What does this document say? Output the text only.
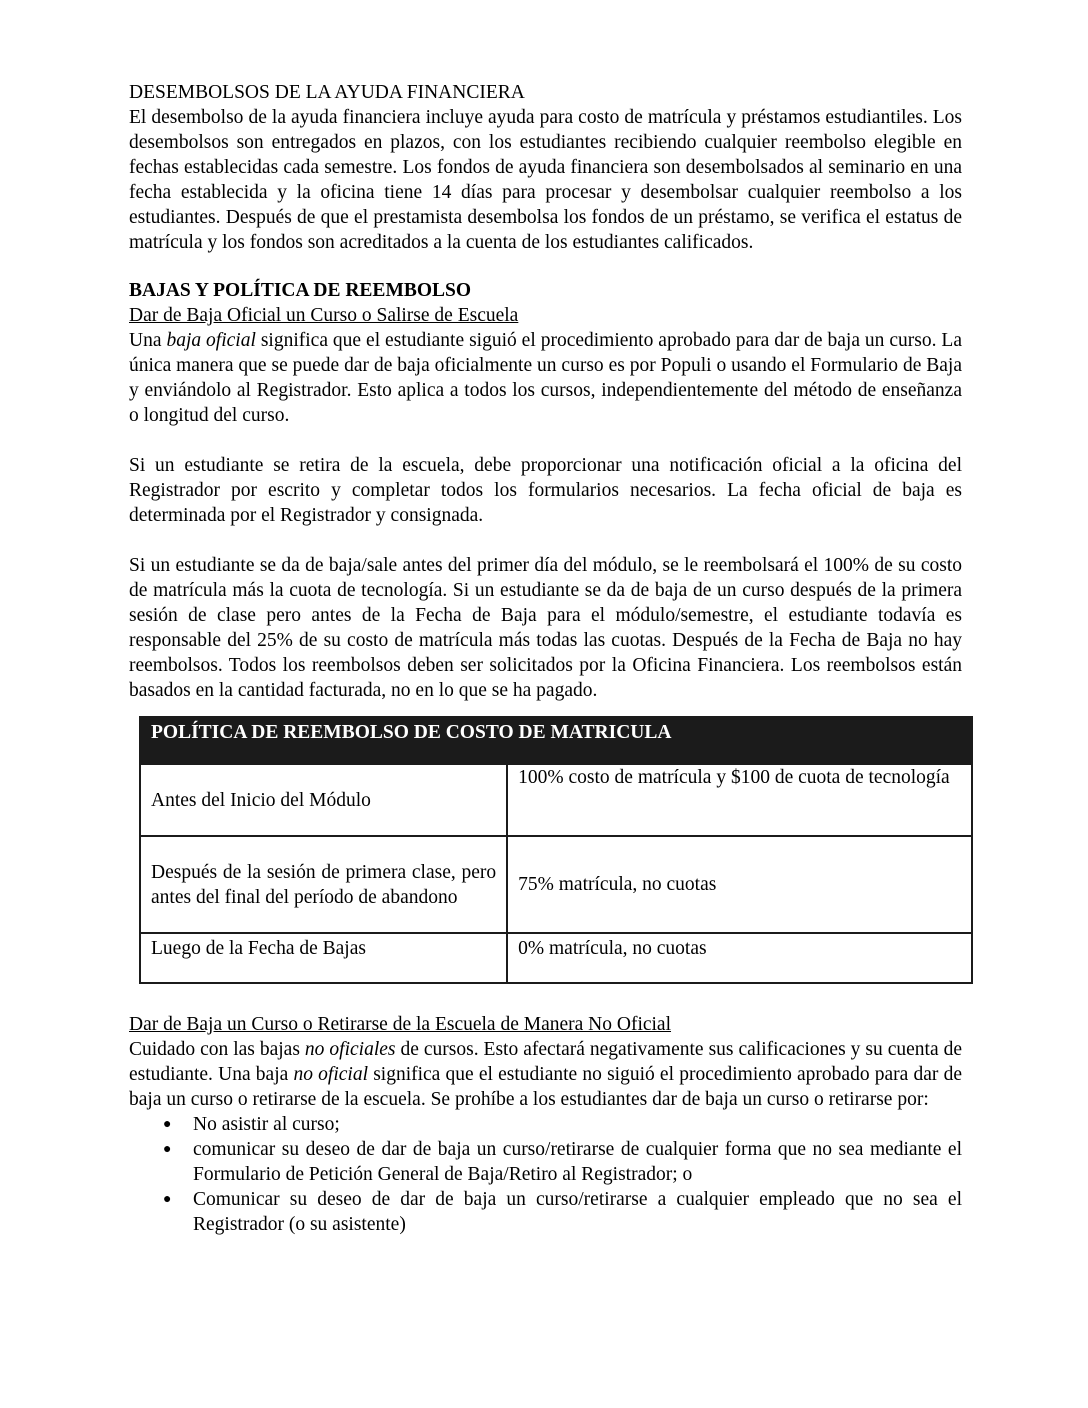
DESEMBOLSOS DE LA AYUDA FINANCIERA

El desembolso de la ayuda financiera incluye ayuda para costo de matrícula y préstamos estudiantiles. Los desembolsos son entregados en plazos, con los estudiantes recibiendo cualquier reembolso elegible en fechas establecidas cada semestre. Los fondos de ayuda financiera son desembolsados al seminario en una fecha establecida y la oficina tiene 14 días para procesar y desembolsar cualquier reembolso a los estudiantes. Después de que el prestamista desembolsa los fondos de un préstamo, se verifica el estatus de matrícula y los fondos son acreditados a la cuenta de los estudiantes calificados.

BAJAS Y POLÍTICA DE REEMBOLSO
Dar de Baja Oficial un Curso o Salirse de Escuela

Una baja oficial significa que el estudiante siguió el procedimiento aprobado para dar de baja un curso. La única manera que se puede dar de baja oficialmente un curso es por Populi o usando el Formulario de Baja y enviándolo al Registrador. Esto aplica a todos los cursos, independientemente del método de enseñanza o longitud del curso.

Si un estudiante se retira de la escuela, debe proporcionar una notificación oficial a la oficina del Registrador por escrito y completar todos los formularios necesarios. La fecha oficial de baja es determinada por el Registrador y consignada.

Si un estudiante se da de baja/sale antes del primer día del módulo, se le reembolsará el 100% de su costo de matrícula más la cuota de tecnología. Si un estudiante se da de baja de un curso después de la primera sesión de clase pero antes de la Fecha de Baja para el módulo/semestre, el estudiante todavía es responsable del 25% de su costo de matrícula más todas las cuotas. Después de la Fecha de Baja no hay reembolsos. Todos los reembolsos deben ser solicitados por la Oficina Financiera. Los reembolsos están basados en la cantidad facturada, no en lo que se ha pagado.

POLÍTICA DE REEMBOLSO DE COSTO DE MATRICULA	
Antes del Inicio del Módulo	100% costo de matrícula y $100 de cuota de tecnología
Después de la sesión de primera clase, pero antes del final del período de abandono	75% matrícula, no cuotas
Luego de la Fecha de Bajas	0% matrícula, no cuotas
Dar de Baja un Curso o Retirarse de la Escuela de Manera No Oficial

Cuidado con las bajas no oficiales de cursos. Esto afectará negativamente sus calificaciones y su cuenta de estudiante. Una baja no oficial significa que el estudiante no siguió el procedimiento aprobado para dar de baja un curso o retirarse de la escuela. Se prohíbe a los estudiantes dar de baja un curso o retirarse por:

● No asistir al curso;
● comunicar su deseo de dar de baja un curso/retirarse de cualquier forma que no sea mediante el Formulario de Petición General de Baja/Retiro al Registrador; o
● Comunicar su deseo de dar de baja un curso/retirarse a cualquier empleado que no sea el Registrador (o su asistente)
